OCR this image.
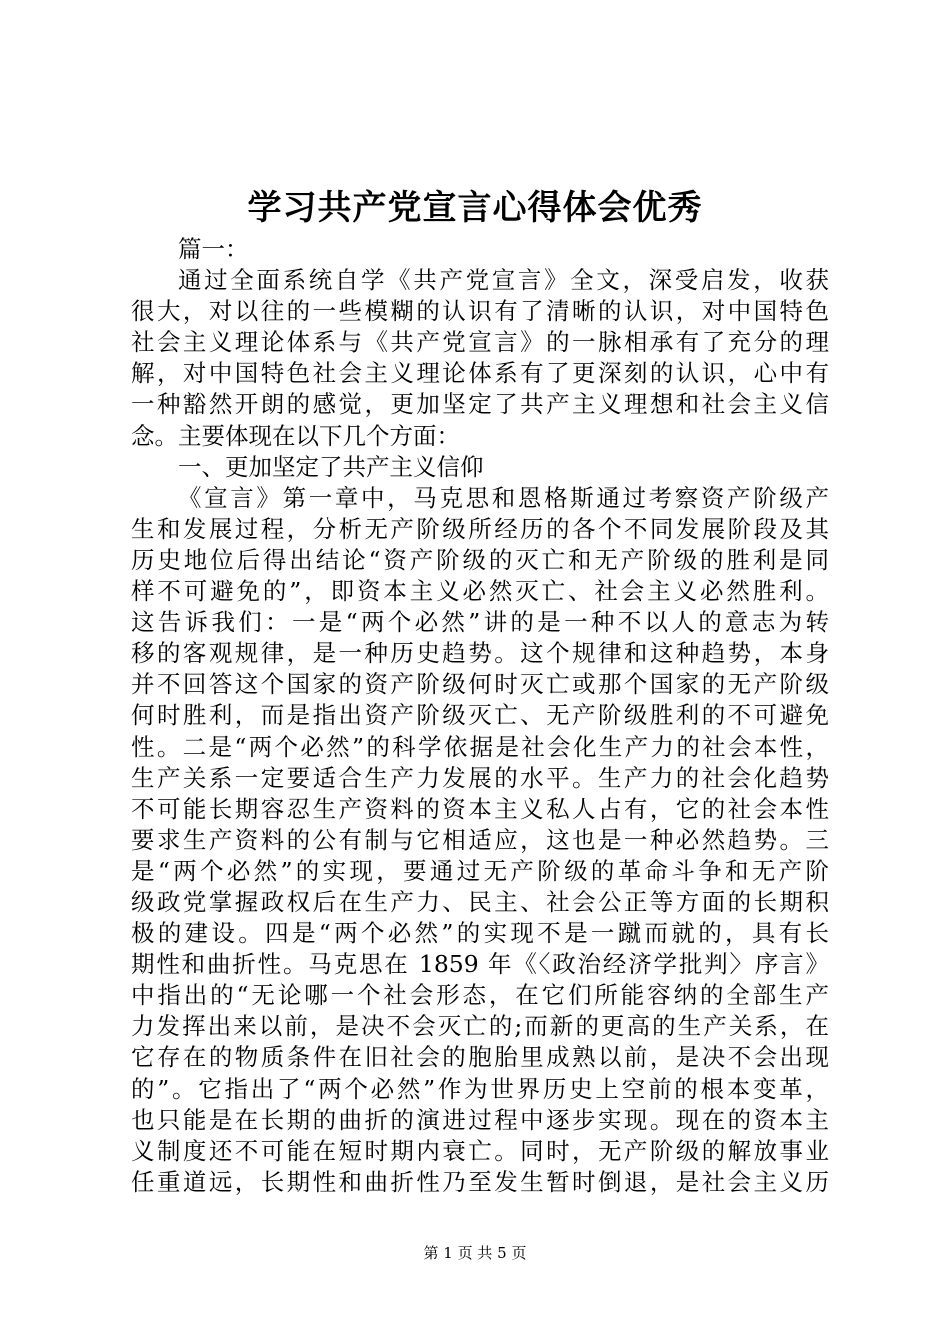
学习共产党宣言心得体会优秀
篇一：
通过全面系统自学《共产党宣言》全文，深受启发，收获
很大，对以往的一些模糊的认识有了清晰的认识，对中国特色
社会主义理论体系与《共产党宣言》的一脉相承有了充分的理
解，对中国特色社会主义理论体系有了更深刻的认识，心中有
一种豁然开朗的感觉，更加坚定了共产主义理想和社会主义信
念。主要体现在以下几个方面：
一、更加坚定了共产主义信仰
《宣言》第一章中，马克思和恩格斯通过考察资产阶级产
生和发展过程，分析无产阶级所经历的各个不同发展阶段及其
历史地位后得出结论“资产阶级的灭亡和无产阶级的胜利是同
样不可避免的”，即资本主义必然灭亡、社会主义必然胜利。
这告诉我们：一是“两个必然”讲的是一种不以人的意志为转
移的客观规律，是一种历史趋势。这个规律和这种趋势，本身
并不回答这个国家的资产阶级何时灭亡或那个国家的无产阶级
何时胜利，而是指出资产阶级灭亡、无产阶级胜利的不可避免
性。二是“两个必然”的科学依据是社会化生产力的社会本性，
生产关系一定要适合生产力发展的水平。生产力的社会化趋势
不可能长期容忍生产资料的资本主义私人占有，它的社会本性
要求生产资料的公有制与它相适应，这也是一种必然趋势。三
是“两个必然”的实现，要通过无产阶级的革命斗争和无产阶
级政党掌握政权后在生产力、民主、社会公正等方面的长期积
极的建设。四是“两个必然”的实现不是一蹴而就的，具有长
期性和曲折性。马克思在 1859 年《〈政治经济学批判〉序言》
中指出的“无论哪一个社会形态，在它们所能容纳的全部生产
力发挥出来以前，是决不会灭亡的;而新的更高的生产关系，在
它存在的物质条件在旧社会的胞胎里成熟以前，是决不会出现
的”。它指出了“两个必然”作为世界历史上空前的根本变革，
也只能是在长期的曲折的演进过程中逐步实现。现在的资本主
义制度还不可能在短时期内衰亡。同时，无产阶级的解放事业
任重道远，长期性和曲折性乃至发生暂时倒退，是社会主义历
第 1 页 共 5 页
